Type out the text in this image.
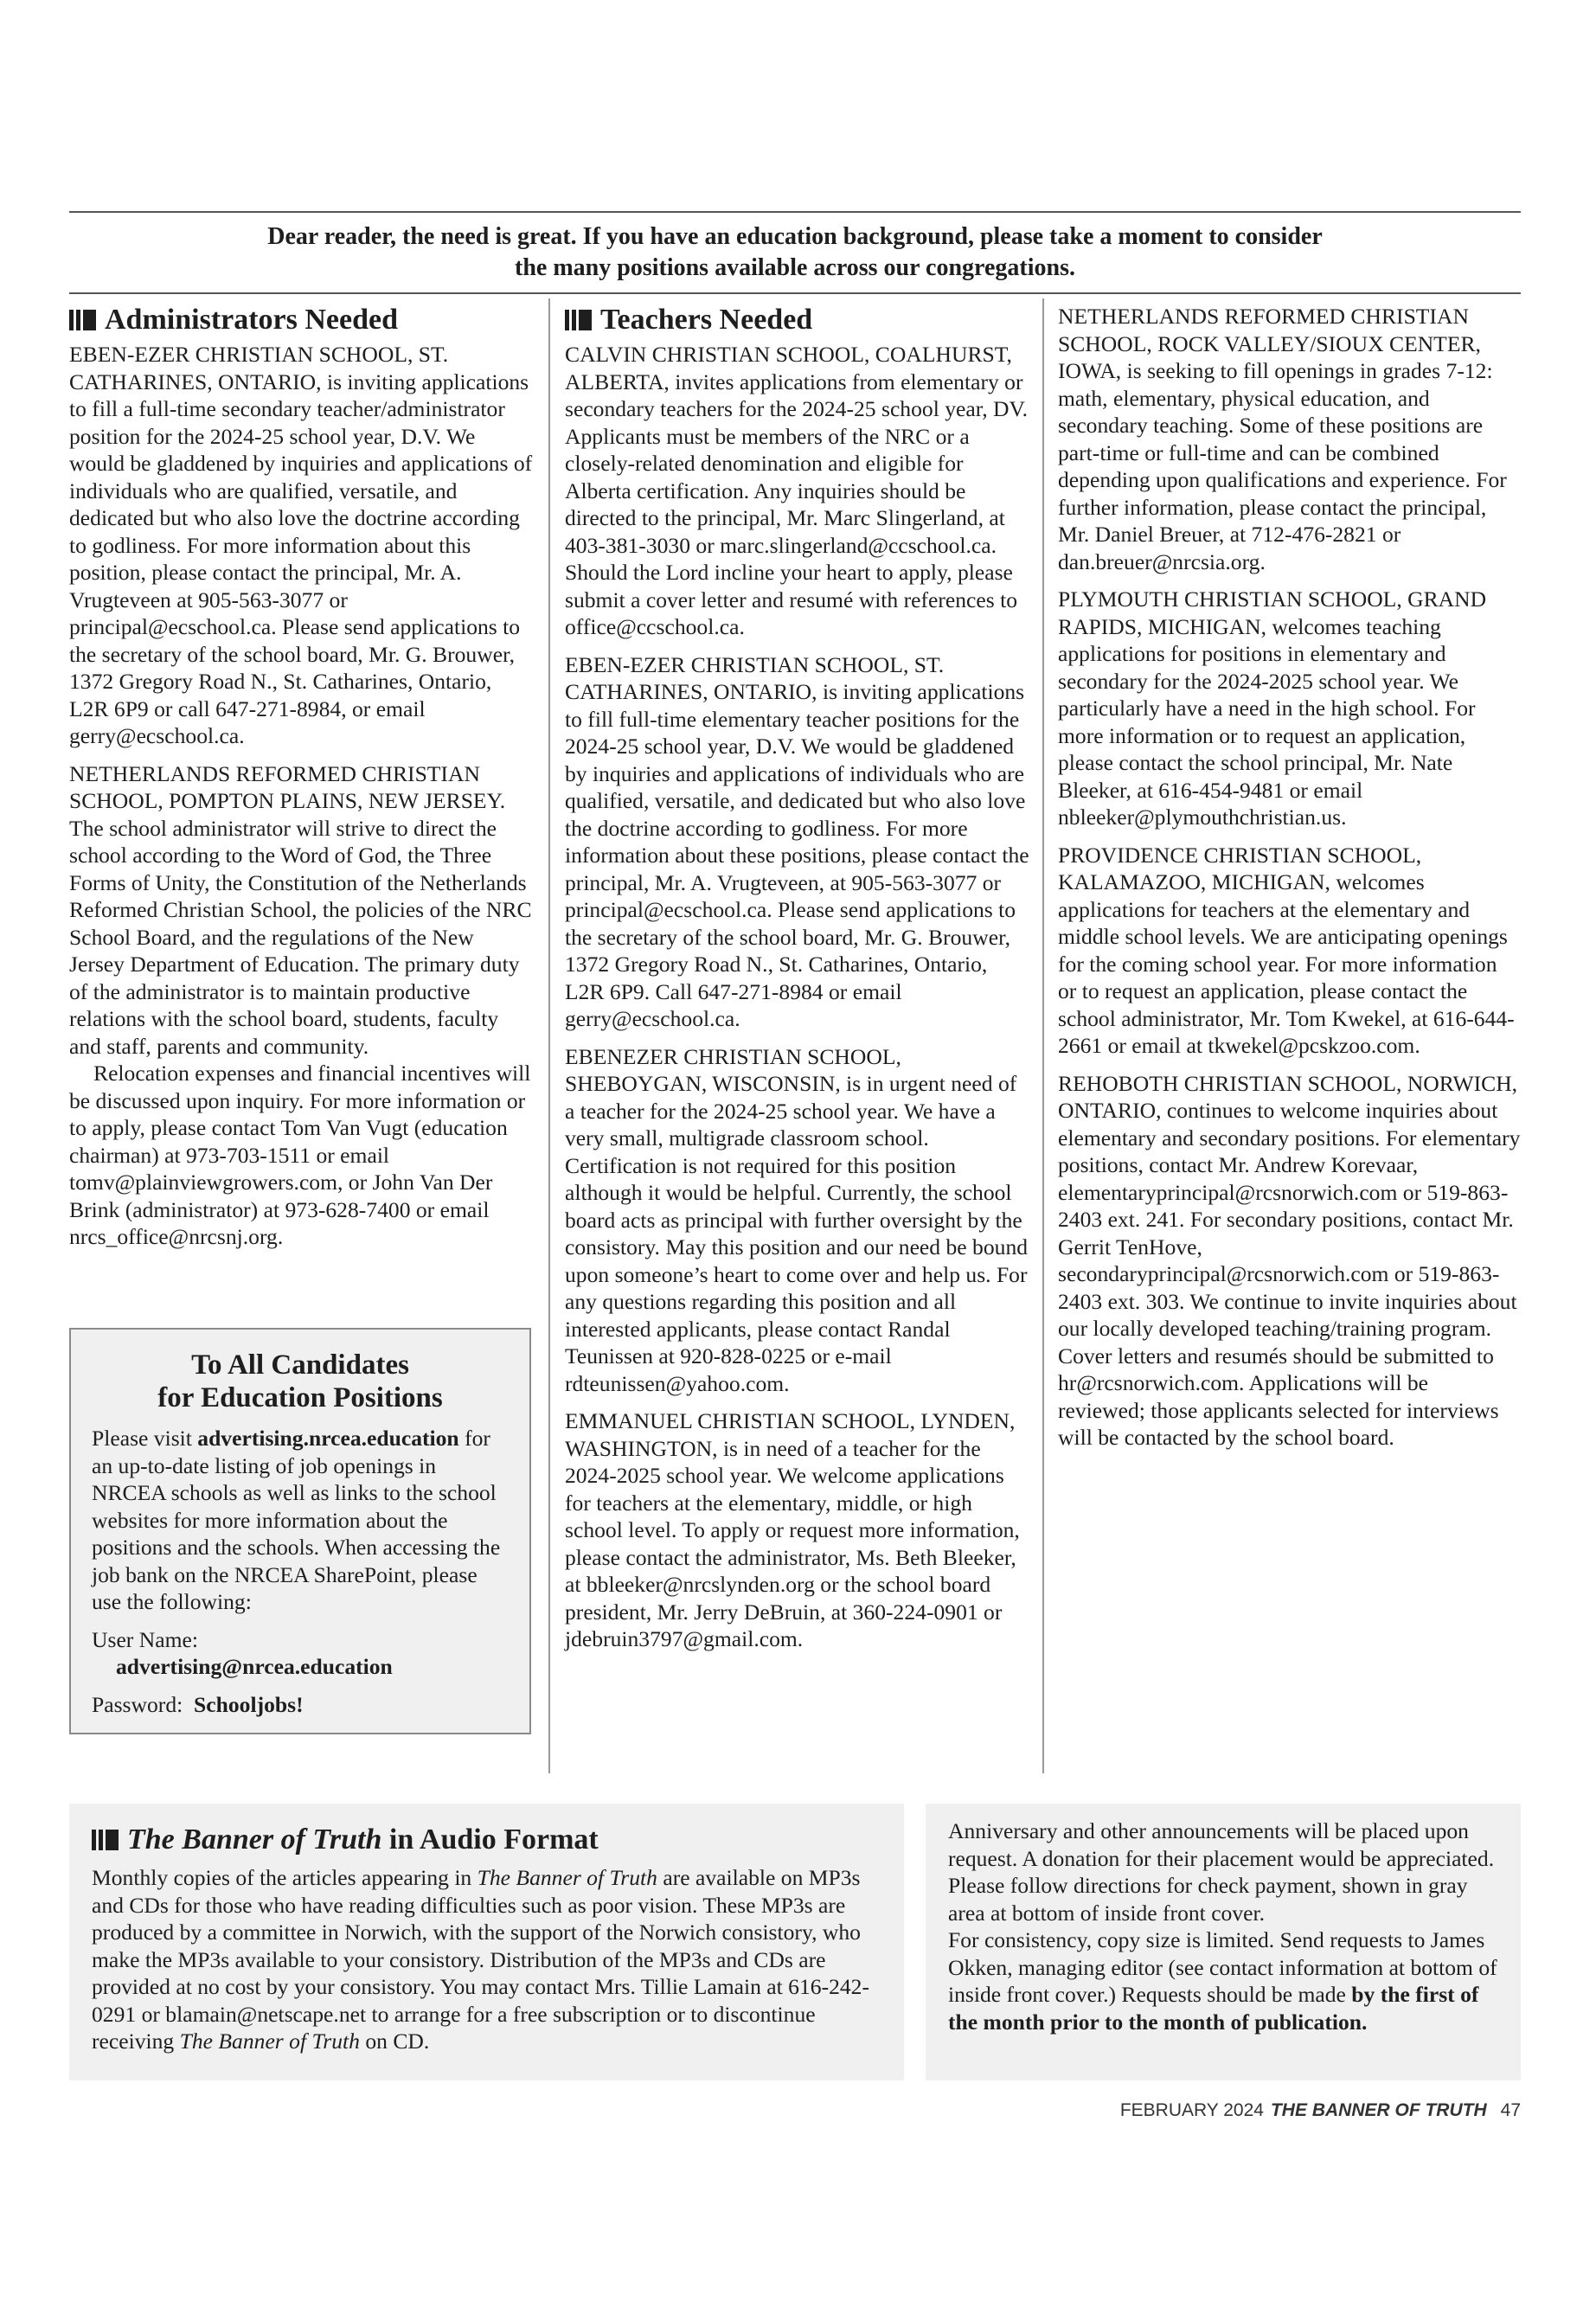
Dear reader, the need is great. If you have an education background, please take a moment to consider
the many positions available across our congregations.
Administrators Needed

EBEN-EZER CHRISTIAN SCHOOL, ST. CATHARINES, ONTARIO, is inviting applications to fill a full-time secondary teacher/administrator position for the 2024-25 school year, D.V. We would be gladdened by inquiries and applications of individuals who are qualified, versatile, and dedicated but who also love the doctrine according to godliness. For more information about this position, please contact the principal, Mr. A. Vrugteveen at 905-563-3077 or principal@ecschool.ca. Please send applications to the secretary of the school board, Mr. G. Brouwer, 1372 Gregory Road N., St. Catharines, Ontario, L2R 6P9 or call 647-271-8984, or email gerry@ecschool.ca.

NETHERLANDS REFORMED CHRISTIAN SCHOOL, POMPTON PLAINS, NEW JERSEY. The school administrator will strive to direct the school according to the Word of God, the Three Forms of Unity, the Constitution of the Netherlands Reformed Christian School, the policies of the NRC School Board, and the regulations of the New Jersey Department of Education. The primary duty of the administrator is to maintain productive relations with the school board, students, faculty and staff, parents and community.

Relocation expenses and financial incentives will be discussed upon inquiry. For more information or to apply, please contact Tom Van Vugt (education chairman) at 973-703-1511 or email tomv@plainviewgrowers.com, or John Van Der Brink (administrator) at 973-628-7400 or email nrcs_office@nrcsnj.org.

To All Candidates
for Education Positions

Please visit advertising.nrcea.education for an up-to-date listing of job openings in NRCEA schools as well as links to the school websites for more information about the positions and the schools. When accessing the job bank on the NRCEA SharePoint, please use the following:

User Name:

advertising@nrcea.education

Password: Schooljobs!

Teachers Needed

CALVIN CHRISTIAN SCHOOL, COALHURST, ALBERTA, invites applications from elementary or secondary teachers for the 2024-25 school year, DV. Applicants must be members of the NRC or a closely-related denomination and eligible for Alberta certification. Any inquiries should be directed to the principal, Mr. Marc Slingerland, at 403-381-3030 or marc.slingerland@ccschool.ca. Should the Lord incline your heart to apply, please submit a cover letter and resumé with references to office@ccschool.ca.

EBEN-EZER CHRISTIAN SCHOOL, ST. CATHARINES, ONTARIO, is inviting applications to fill full-time elementary teacher positions for the 2024-25 school year, D.V. We would be gladdened by inquiries and applications of individuals who are qualified, versatile, and dedicated but who also love the doctrine according to godliness. For more information about these positions, please contact the principal, Mr. A. Vrugteveen, at 905-563-3077 or principal@ecschool.ca. Please send applications to the secretary of the school board, Mr. G. Brouwer, 1372 Gregory Road N., St. Catharines, Ontario, L2R 6P9. Call 647-271-8984 or email gerry@ecschool.ca.

EBENEZER CHRISTIAN SCHOOL, SHEBOYGAN, WISCONSIN, is in urgent need of a teacher for the 2024-25 school year. We have a very small, multigrade classroom school. Certification is not required for this position although it would be helpful. Currently, the school board acts as principal with further oversight by the consistory. May this position and our need be bound upon someone’s heart to come over and help us. For any questions regarding this position and all interested applicants, please contact Randal Teunissen at 920-828-0225 or e-mail rdteunissen@yahoo.com.

EMMANUEL CHRISTIAN SCHOOL, LYNDEN, WASHINGTON, is in need of a teacher for the 2024-2025 school year. We welcome applications for teachers at the elementary, middle, or high school level. To apply or request more information, please contact the administrator, Ms. Beth Bleeker, at bbleeker@nrcslynden.org or the school board president, Mr. Jerry DeBruin, at 360-224-0901 or jdebruin3797@gmail.com.

NETHERLANDS REFORMED CHRISTIAN SCHOOL, ROCK VALLEY/SIOUX CENTER, IOWA, is seeking to fill openings in grades 7-12: math, elementary, physical education, and secondary teaching. Some of these positions are part-time or full-time and can be combined depending upon qualifications and experience. For further information, please contact the principal, Mr. Daniel Breuer, at 712-476-2821 or dan.breuer@nrcsia.org.

PLYMOUTH CHRISTIAN SCHOOL, GRAND RAPIDS, MICHIGAN, welcomes teaching applications for positions in elementary and secondary for the 2024-2025 school year. We particularly have a need in the high school. For more information or to request an application, please contact the school principal, Mr. Nate Bleeker, at 616-454-9481 or email nbleeker@plymouthchristian.us.

PROVIDENCE CHRISTIAN SCHOOL, KALAMAZOO, MICHIGAN, welcomes applications for teachers at the elementary and middle school levels. We are anticipating openings for the coming school year. For more information or to request an application, please contact the school administrator, Mr. Tom Kwekel, at 616-644-2661 or email at tkwekel@pcskzoo.com.

REHOBOTH CHRISTIAN SCHOOL, NORWICH, ONTARIO, continues to welcome inquiries about elementary and secondary positions. For elementary positions, contact Mr. Andrew Korevaar, elementaryprincipal@rcsnorwich.com or 519-863-2403 ext. 241. For secondary positions, contact Mr. Gerrit TenHove, secondaryprincipal@rcsnorwich.com or 519-863-2403 ext. 303. We continue to invite inquiries about our locally developed teaching/training program. Cover letters and resumés should be submitted to hr@rcsnorwich.com. Applications will be reviewed; those applicants selected for interviews will be contacted by the school board.

The Banner of Truth in Audio Format

Monthly copies of the articles appearing in The Banner of Truth are available on MP3s and CDs for those who have reading difficulties such as poor vision. These MP3s are produced by a committee in Norwich, with the support of the Norwich consistory, who make the MP3s available to your consistory. Distribution of the MP3s and CDs are provided at no cost by your consistory. You may contact Mrs. Tillie Lamain at 616-242-0291 or blamain@netscape.net to arrange for a free subscription or to discontinue receiving The Banner of Truth on CD.

Anniversary and other announcements will be placed upon request. A donation for their placement would be appreciated. Please follow directions for check payment, shown in gray area at bottom of inside front cover.

For consistency, copy size is limited. Send requests to James Okken, managing editor (see contact information at bottom of inside front cover.) Requests should be made by the first of the month prior to the month of publication.

FEBRUARY 2024 THE BANNER OF TRUTH 47
